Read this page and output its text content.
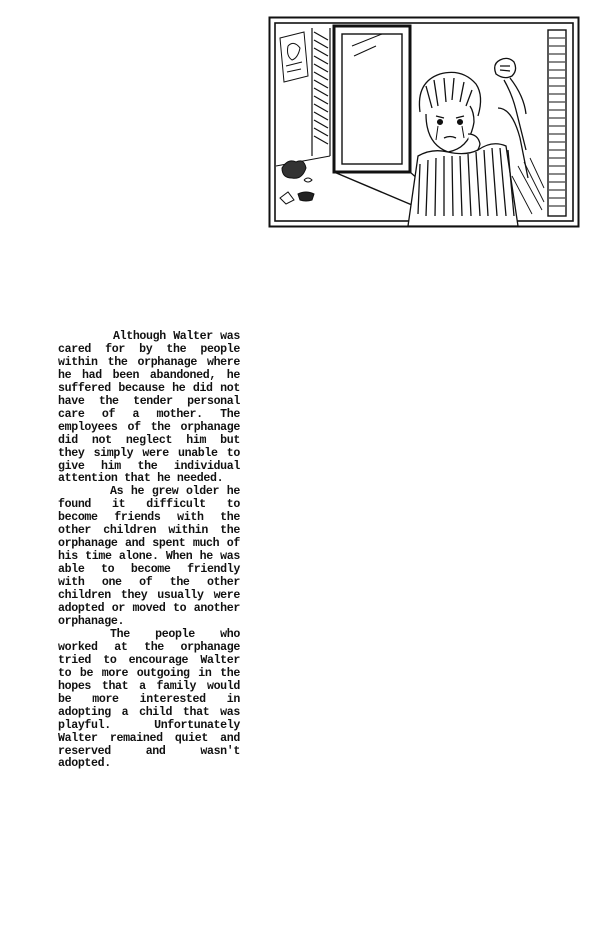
Although Walter was cared for by the people within the orphanage where he had been abandoned, he suffered because he did not have the tender personal care of a mother. The employees of the orphanage did not neglect him but they simply were unable to give him the individual attention that he needed.

As he grew older he found it difficult to become friends with the other children within the orphanage and spent much of his time alone. When he was able to become friendly with one of the other children they usually were adopted or moved to another orphanage.

The people who worked at the orphanage tried to encourage Walter to be more outgoing in the hopes that a family would be more interested in adopting a child that was playful. Unfortunately Walter remained quiet and reserved and wasn't adopted.
